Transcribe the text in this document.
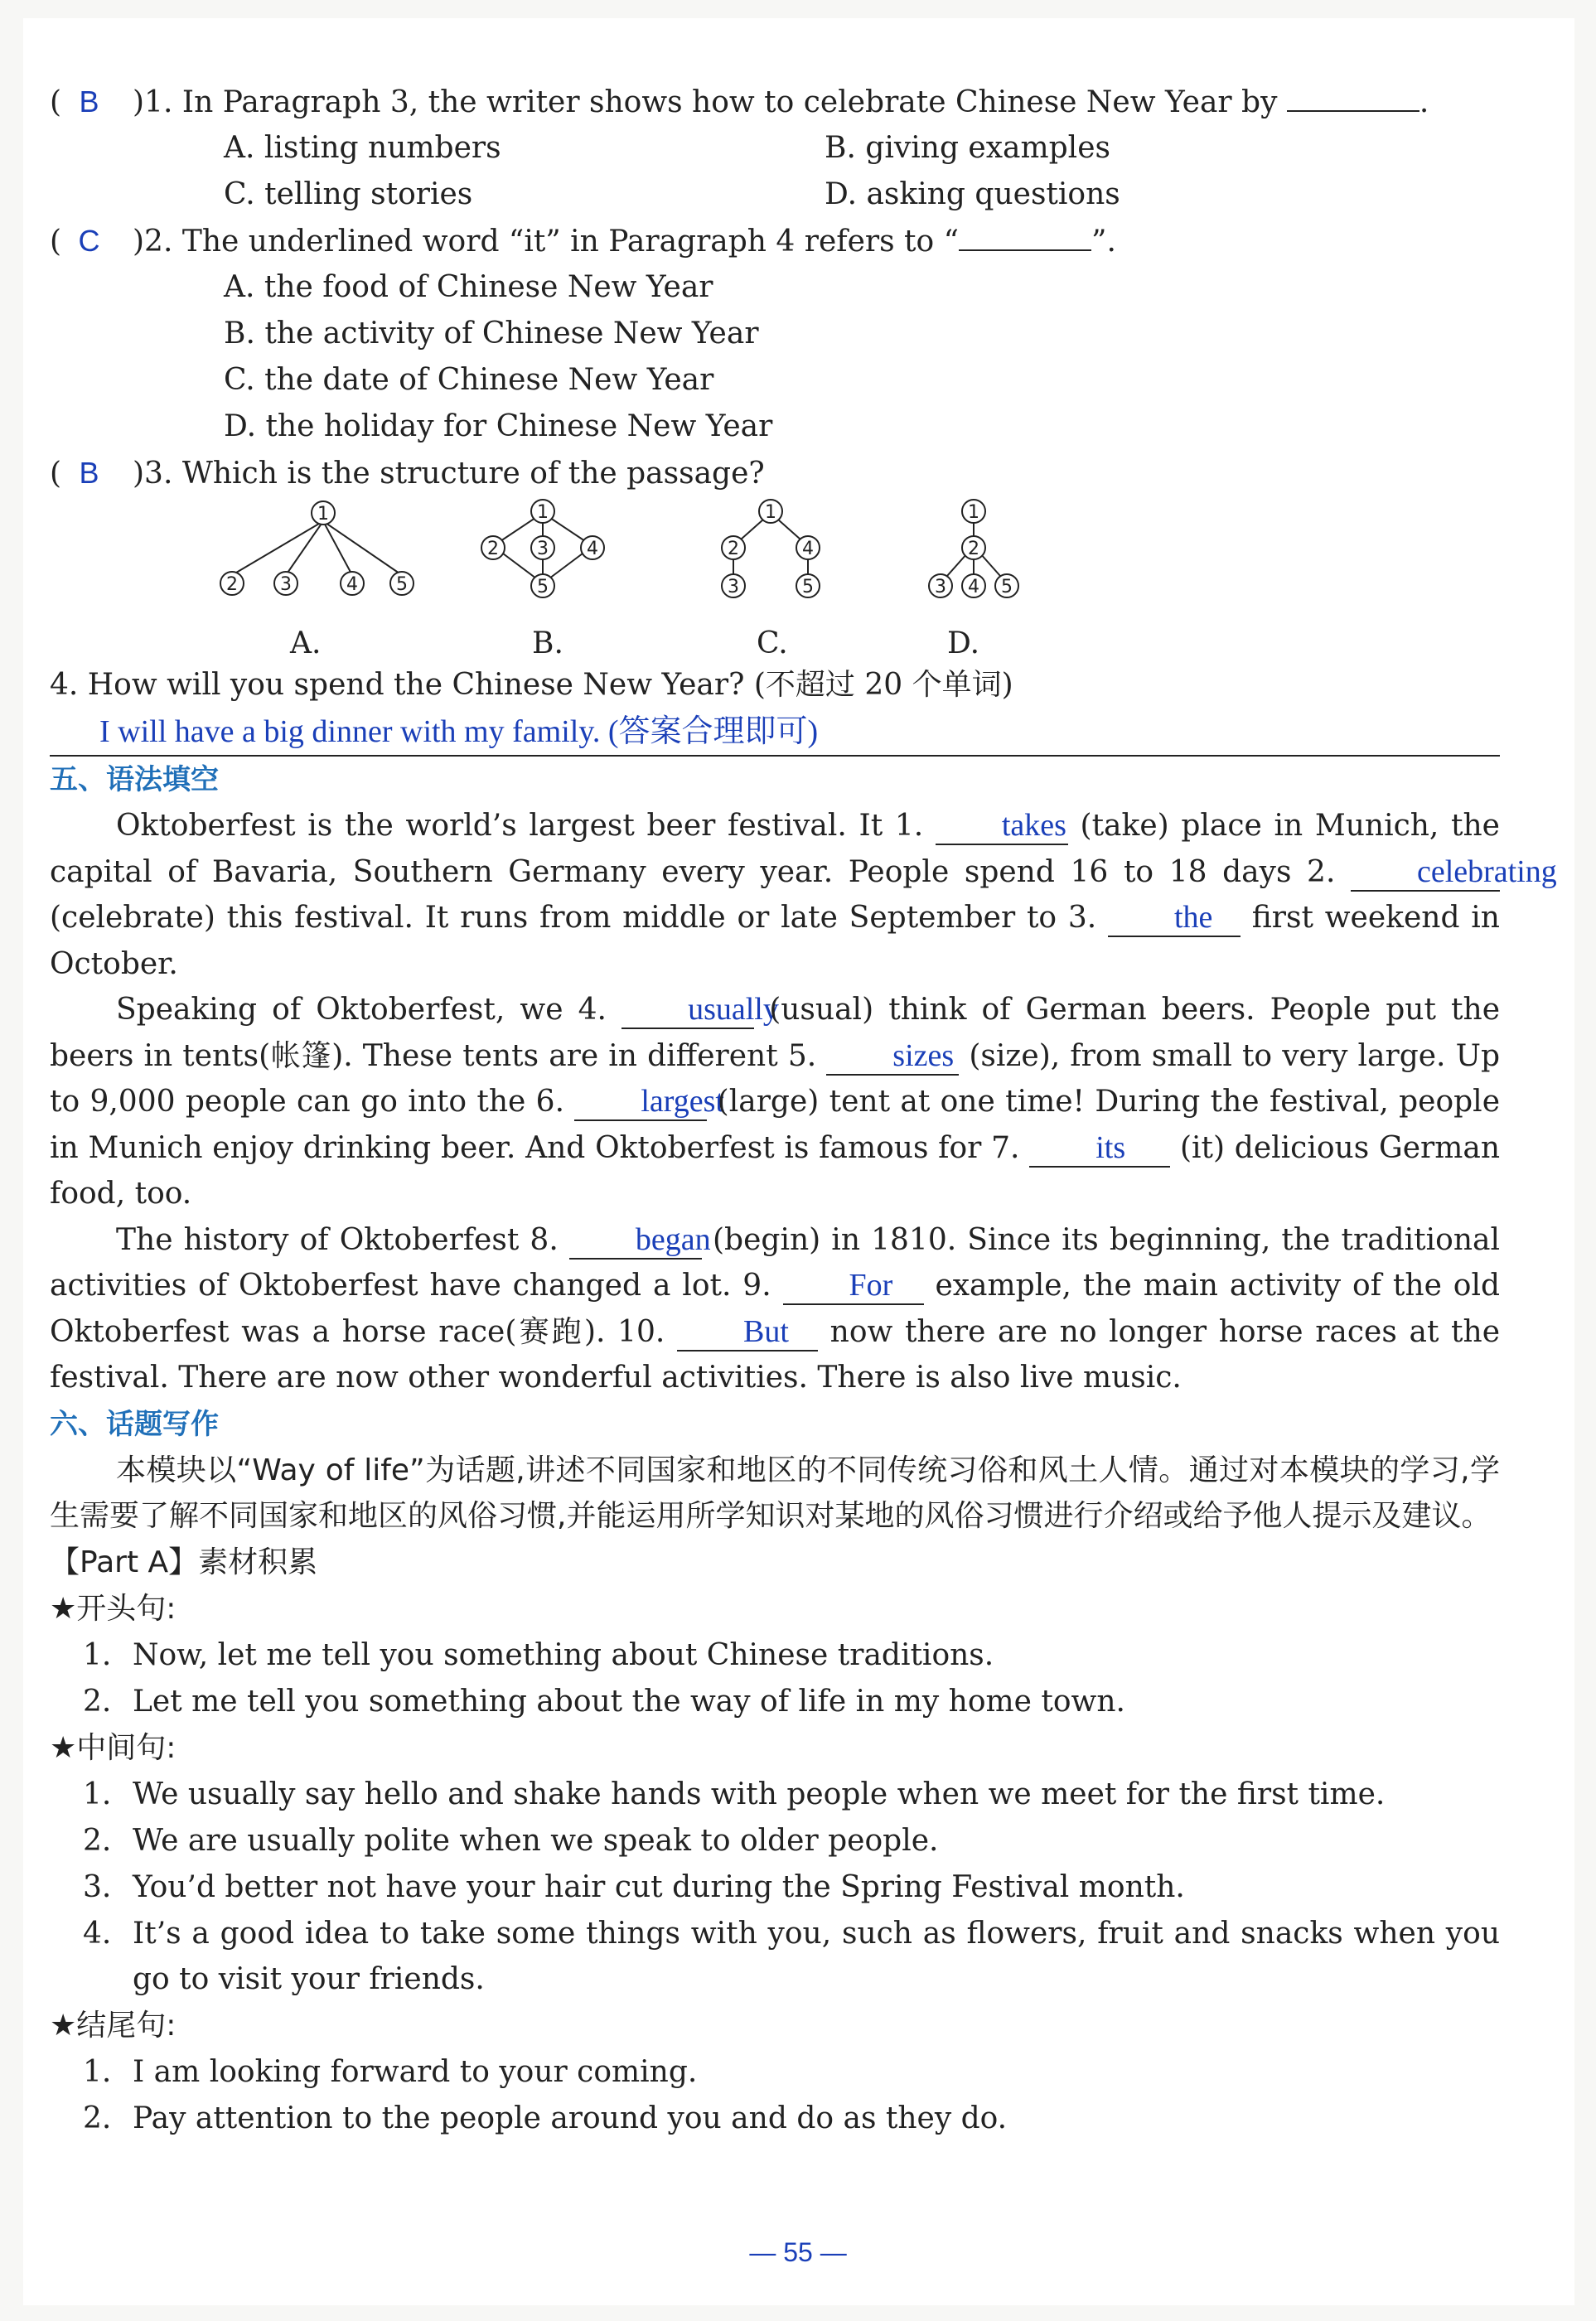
( B )1. In Paragraph 3, the writer shows how to celebrate Chinese New Year by	.
A. listing numbers	B. giving examples
C. telling stories	D. asking questions
( C )2. The underlined word “it” in Paragraph 4 refers to “	”.
A. the food of Chinese New Year
B. the activity of Chinese New Year
C. the date of Chinese New Year
D. the holiday for Chinese New Year
( B )3. Which is the structure of the passage?
1
2 3	4 5
1
2 3 4
5
1
2	4
3	5
1
2
3 4 5
A.	B.	C.	D.
4. How will you spend the Chinese New Year? (不超过 20 个单词)
I will have a big dinner with my family. (答案合理即可)
五、语法填空
Oktoberfest is the world’s largest beer festival. It 1. takes (take) place in Munich, the capital of Bavaria, Southern Germany every year. People spend 16 to 18 days 2. celebrating (celebrate) this festival. It runs from middle or late September to 3. the first weekend in October.
Speaking of Oktoberfest, we 4. usually (usual) think of German beers. People put the beers in tents(帐篷). These tents are in different 5. sizes (size), from small to very large. Up to 9,000 people can go into the 6. largest (large) tent at one time! During the festival, people in Munich enjoy drinking beer. And Oktoberfest is famous for 7. its (it) delicious German food, too.
The history of Oktoberfest 8. began (begin) in 1810. Since its beginning, the traditional activities of Oktoberfest have changed a lot. 9. For example, the main activity of the old Oktoberfest was a horse race(赛跑). 10. But now there are no longer horse races at the festival. There are now other wonderful activities. There is also live music.
六、话题写作
本模块以“Way of life”为话题,讲述不同国家和地区的不同传统习俗和风土人情。通过对本模块的学习,学生需要了解不同国家和地区的风俗习惯,并能运用所学知识对某地的风俗习惯进行介绍或给予他人提示及建议。
【Part A】素材积累
★开头句:
1. Now, let me tell you something about Chinese traditions.
2. Let me tell you something about the way of life in my home town.
★中间句:
1. We usually say hello and shake hands with people when we meet for the first time.
2. We are usually polite when we speak to older people.
3. You’d better not have your hair cut during the Spring Festival month.
4. It’s a good idea to take some things with you, such as flowers, fruit and snacks when you go to visit your friends.
★结尾句:
1. I am looking forward to your coming.
2. Pay attention to the people around you and do as they do.
— 55 —
